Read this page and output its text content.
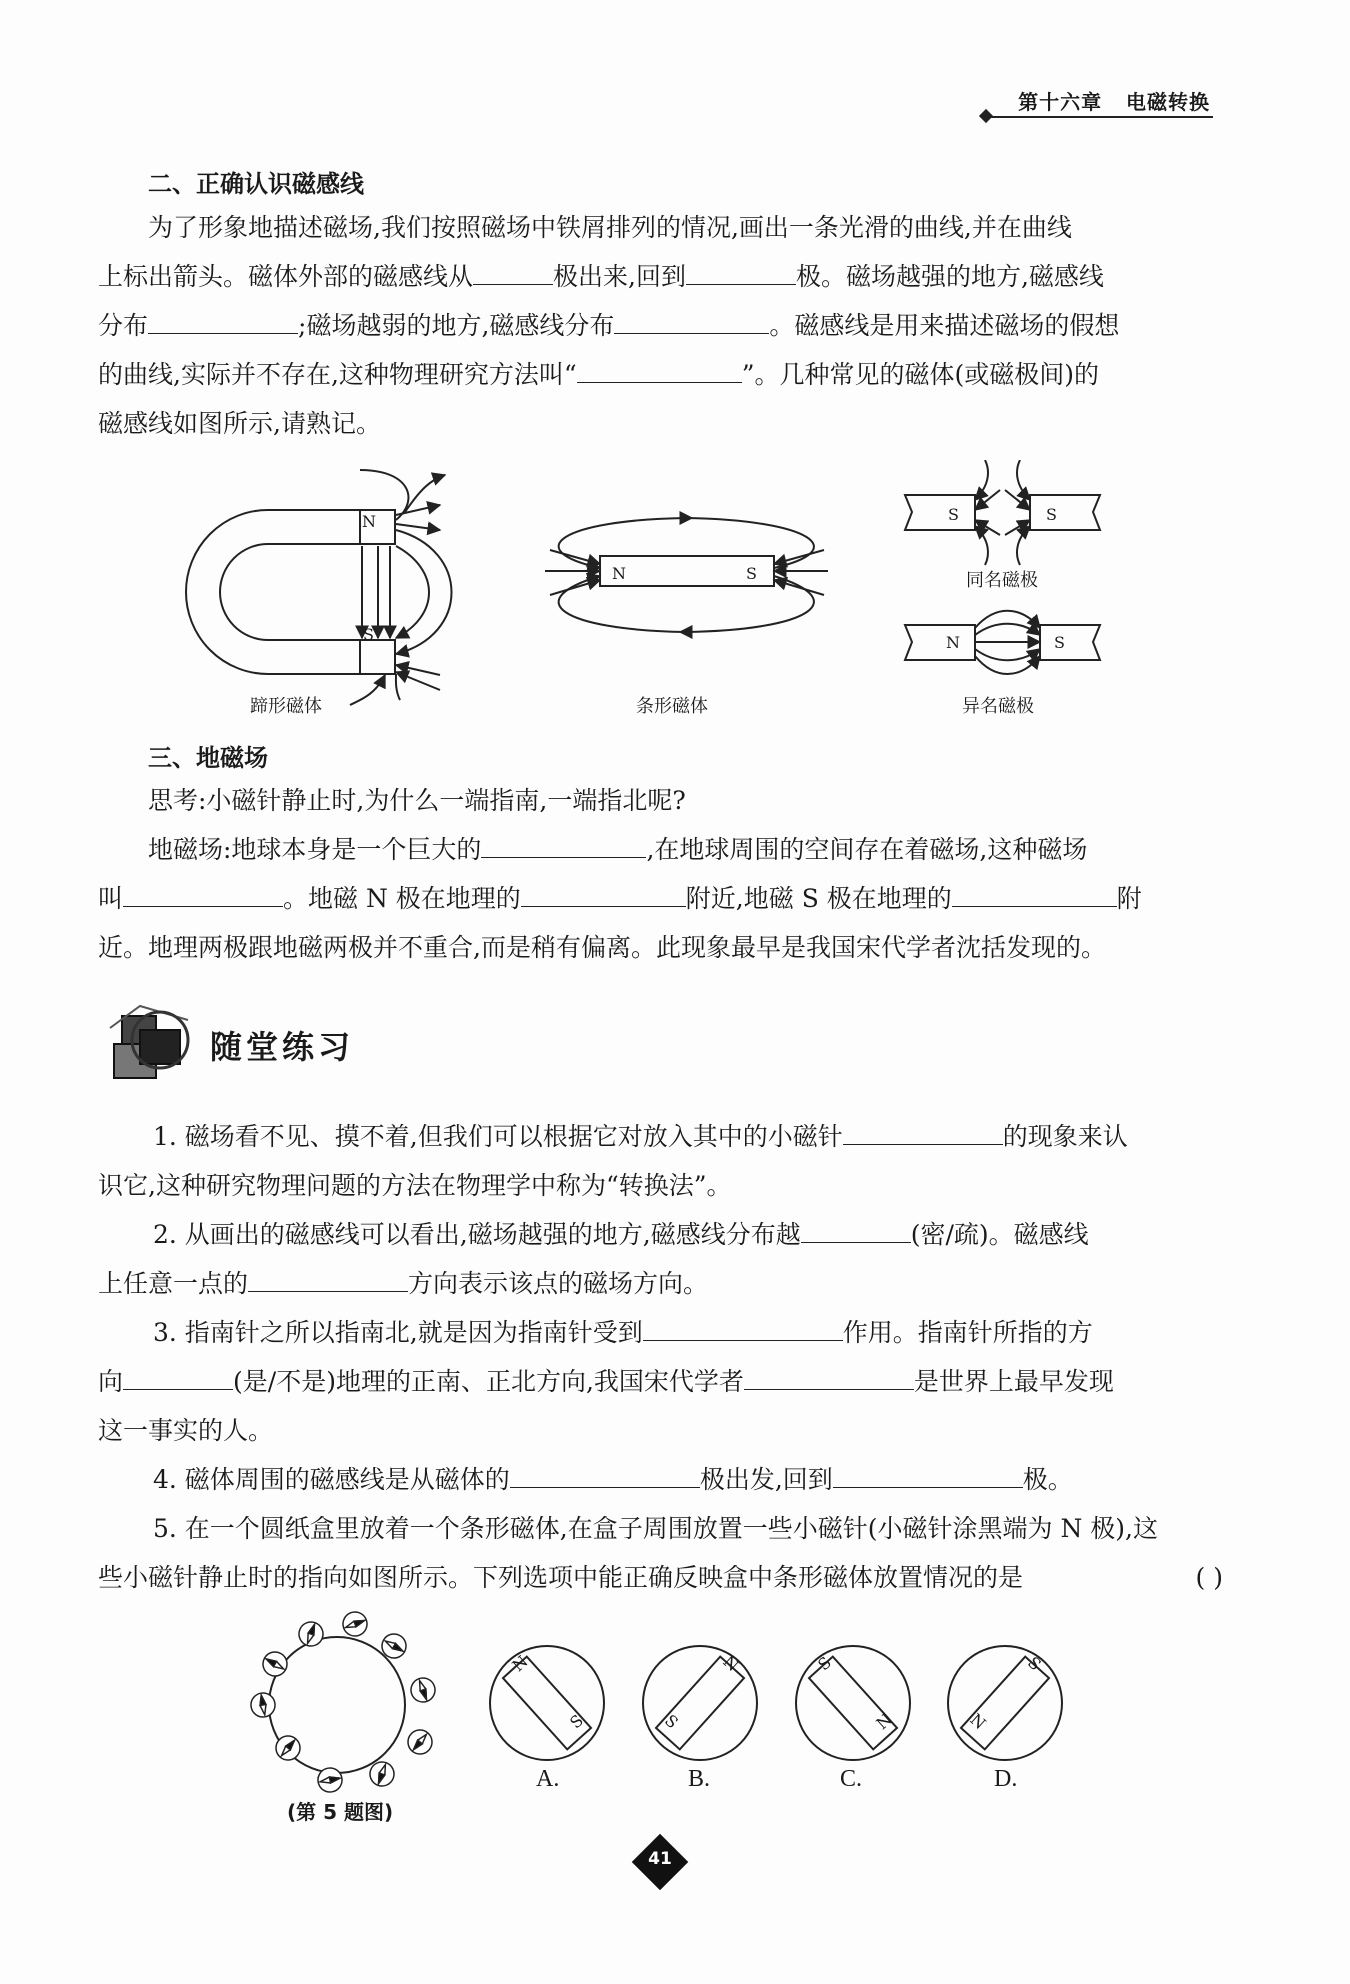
第十六章 电磁转换
二、正确认识磁感线
为了形象地描述磁场,我们按照磁场中铁屑排列的情况,画出一条光滑的曲线,并在曲线
上标出箭头。磁体外部的磁感线从	极出来,回到	极。磁场越强的地方,磁感线
分布	;磁场越弱的地方,磁感线分布	。磁感线是用来描述磁场的假想
的曲线,实际并不存在,这种物理研究方法叫“	”。几种常见的磁体(或磁极间)的
磁感线如图所示,请熟记。
N
S
N	S
S	S
N	S
蹄形磁体	条形磁体
同名磁极
异名磁极
三、地磁场
思考:小磁针静止时,为什么一端指南,一端指北呢?
地磁场:地球本身是一个巨大的	,在地球周围的空间存在着磁场,这种磁场
叫	。地磁 N 极在地理的	附近,地磁 S 极在地理的	附
近。地理两极跟地磁两极并不重合,而是稍有偏离。此现象最早是我国宋代学者沈括发现的。
随堂练习
1. 磁场看不见、摸不着,但我们可以根据它对放入其中的小磁针	的现象来认
识它,这种研究物理问题的方法在物理学中称为“转换法”。
2. 从画出的磁感线可以看出,磁场越强的地方,磁感线分布越	(密/疏)。磁感线
上任意一点的	方向表示该点的磁场方向。
3. 指南针之所以指南北,就是因为指南针受到	作用。指南针所指的方
向	(是/不是)地理的正南、正北方向,我国宋代学者	是世界上最早发现
这一事实的人。
4. 磁体周围的磁感线是从磁体的	极出发,回到	极。
5. 在一个圆纸盒里放着一个条形磁体,在盒子周围放置一些小磁针(小磁针涂黑端为 N 极),这
些小磁针静止时的指向如图所示。下列选项中能正确反映盒中条形磁体放置情况的是	( )
N
S
N
S
S
N
S
N
(第 5 题图)
A.	B.	C.	D.
41
